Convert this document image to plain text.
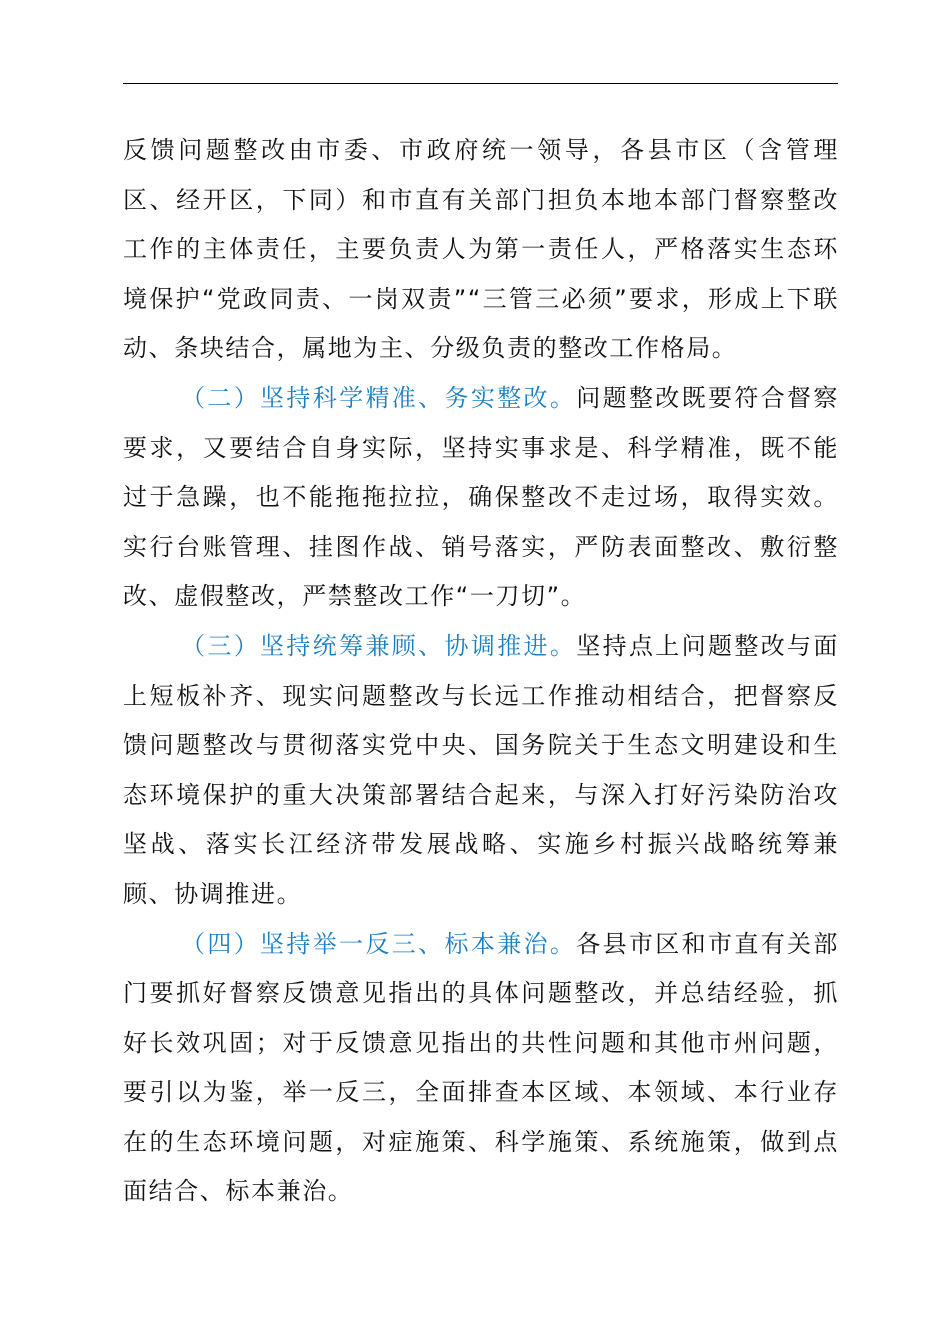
反馈问题整改由市委、市政府统一领导，各县市区（含管理区、经开区，下同）和市直有关部门担负本地本部门督察整改工作的主体责任，主要负责人为第一责任人，严格落实生态环境保护“党政同责、一岗双责”“三管三必须”要求，形成上下联动、条块结合，属地为主、分级负责的整改工作格局。

（二）坚持科学精准、务实整改。问题整改既要符合督察要求，又要结合自身实际，坚持实事求是、科学精准，既不能过于急躁，也不能拖拖拉拉，确保整改不走过场，取得实效。实行台账管理、挂图作战、销号落实，严防表面整改、敷衍整改、虚假整改，严禁整改工作“一刀切”。

（三）坚持统筹兼顾、协调推进。坚持点上问题整改与面上短板补齐、现实问题整改与长远工作推动相结合，把督察反馈问题整改与贯彻落实党中央、国务院关于生态文明建设和生态环境保护的重大决策部署结合起来，与深入打好污染防治攻坚战、落实长江经济带发展战略、实施乡村振兴战略统筹兼顾、协调推进。

（四）坚持举一反三、标本兼治。各县市区和市直有关部门要抓好督察反馈意见指出的具体问题整改，并总结经验，抓好长效巩固；对于反馈意见指出的共性问题和其他市州问题，要引以为鉴，举一反三，全面排查本区域、本领域、本行业存在的生态环境问题，对症施策、科学施策、系统施策，做到点面结合、标本兼治。
